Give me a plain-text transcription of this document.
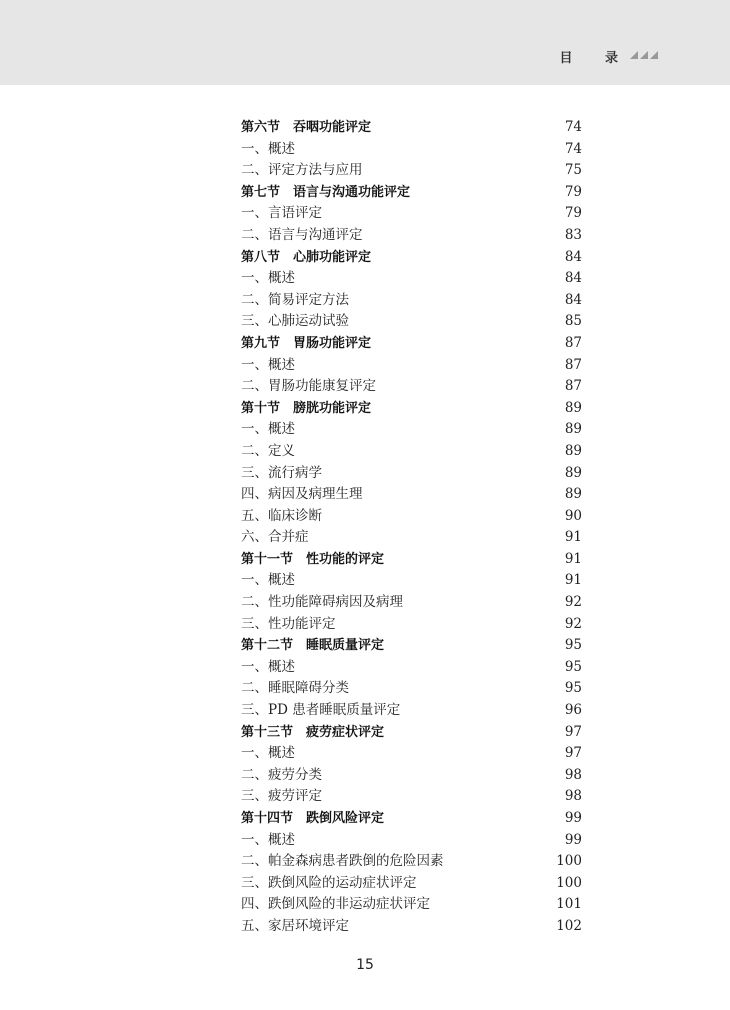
目 录
第六节　吞咽功能评定	74
一、概述	74
二、评定方法与应用	75
第七节　语言与沟通功能评定	79
一、言语评定	79
二、语言与沟通评定	83
第八节　心肺功能评定	84
一、概述	84
二、简易评定方法	84
三、心肺运动试验	85
第九节　胃肠功能评定	87
一、概述	87
二、胃肠功能康复评定	87
第十节　膀胱功能评定	89
一、概述	89
二、定义	89
三、流行病学	89
四、病因及病理生理	89
五、临床诊断	90
六、合并症	91
第十一节　性功能的评定	91
一、概述	91
二、性功能障碍病因及病理	92
三、性功能评定	92
第十二节　睡眠质量评定	95
一、概述	95
二、睡眠障碍分类	95
三、PD 患者睡眠质量评定	96
第十三节　疲劳症状评定	97
一、概述	97
二、疲劳分类	98
三、疲劳评定	98
第十四节　跌倒风险评定	99
一、概述	99
二、帕金森病患者跌倒的危险因素	100
三、跌倒风险的运动症状评定	100
四、跌倒风险的非运动症状评定	101
五、家居环境评定	102
15
